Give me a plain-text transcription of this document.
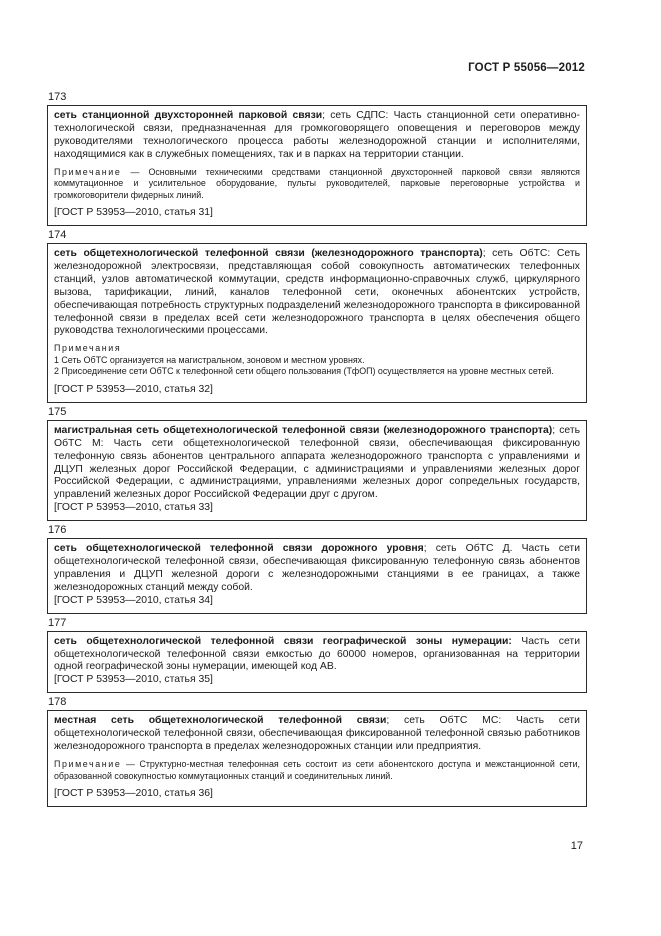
ГОСТ Р 55056—2012
173
сеть станционной двухсторонней парковой связи; сеть СДПС: Часть станционной сети оперативно-технологической связи, предназначенная для громкоговорящего оповещения и переговоров между руководителями технологического процесса работы железнодорожной станции и исполнителями, находящимися как в служебных помещениях, так и в парках на территории станции.
Примечание — Основными техническими средствами станционной двухсторонней парковой связи являются коммутационное и усилительное оборудование, пульты руководителей, парковые переговорные устройства и громкоговорители фидерных линий.
[ГОСТ Р 53953—2010, статья 31]
174
сеть общетехнологической телефонной связи (железнодорожного транспорта); сеть ОбТС: Сеть железнодорожной электросвязи, представляющая собой совокупность автоматических телефонных станций, узлов автоматической коммутации, средств информационно-справочных служб, циркулярного вызова, тарификации, линий, каналов телефонной сети, оконечных абонентских устройств, обеспечивающая потребность структурных подразделений железнодорожного транспорта в фиксированной телефонной связи в пределах всей сети железнодорожного транспорта в целях обеспечения общего руководства технологическими процессами.
Примечания
1 Сеть ОбТС организуется на магистральном, зоновом и местном уровнях.
2 Присоединение сети ОбТС к телефонной сети общего пользования (ТфОП) осуществляется на уровне местных сетей.
[ГОСТ Р 53953—2010, статья 32]
175
магистральная сеть общетехнологической телефонной связи (железнодорожного транспорта); сеть ОбТС М: Часть сети общетехнологической телефонной связи, обеспечивающая фиксированную телефонную связь абонентов центрального аппарата железнодорожного транспорта с управлениями и ДЦУП железных дорог Российской Федерации, с администрациями и управлениями железных дорог Российской Федерации, с администрациями, управлениями железных дорог сопредельных государств, управлений железных дорог Российской Федерации друг с другом.
[ГОСТ Р 53953—2010, статья 33]
176
сеть общетехнологической телефонной связи дорожного уровня; сеть ОбТС Д. Часть сети общетехнологической телефонной связи, обеспечивающая фиксированную телефонную связь абонентов управления и ДЦУП железной дороги с железнодорожными станциями в ее границах, а также железнодорожных станций между собой.
[ГОСТ Р 53953—2010, статья 34]
177
сеть общетехнологической телефонной связи географической зоны нумерации: Часть сети общетехнологической телефонной связи емкостью до 60000 номеров, организованная на территории одной географической зоны нумерации, имеющей код АВ.
[ГОСТ Р 53953—2010, статья 35]
178
местная сеть общетехнологической телефонной связи; сеть ОбТС МС: Часть сети общетехнологической телефонной связи, обеспечивающая фиксированной телефонной связью работников железнодорожного транспорта в пределах железнодорожных станции или предприятия.
Примечание — Структурно-местная телефонная сеть состоит из сети абонентского доступа и межстанционной сети, образованной совокупностью коммутационных станций и соединительных линий.
[ГОСТ Р 53953—2010, статья 36]
17
